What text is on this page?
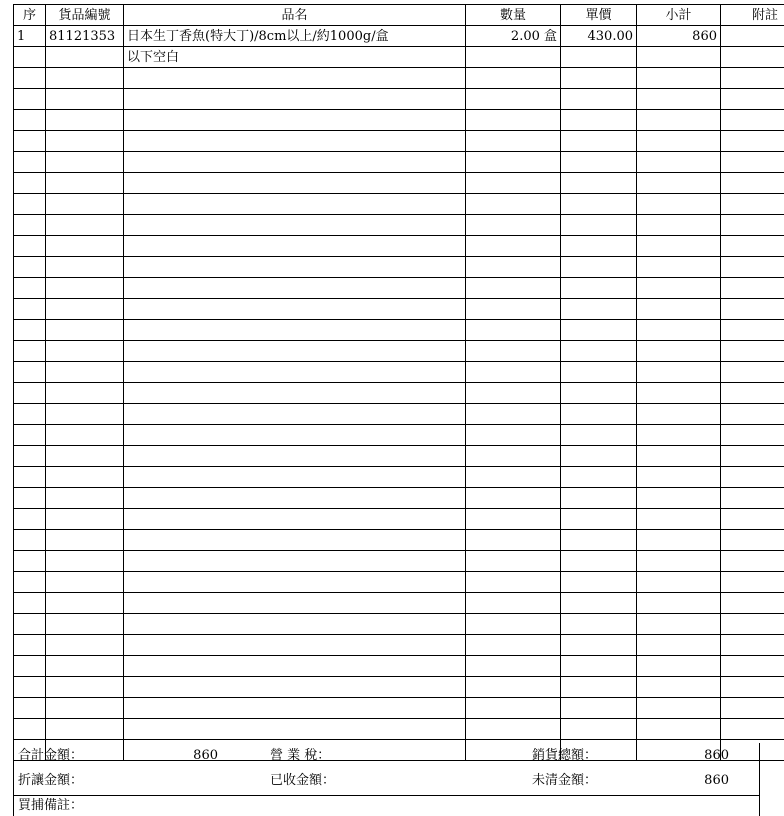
序	貨品編號	品名	數量	單價	小計	附註
1	81121353	日本生丁香魚(特大丁)/8cm以上/約1000g/盒	2.00 盒	430.00	860	
		以下空白				

合計金額：	860	營 業 稅：	銷貨總額：	860
折讓金額：	已收金額：	未清金額：	860
買捕備註：
